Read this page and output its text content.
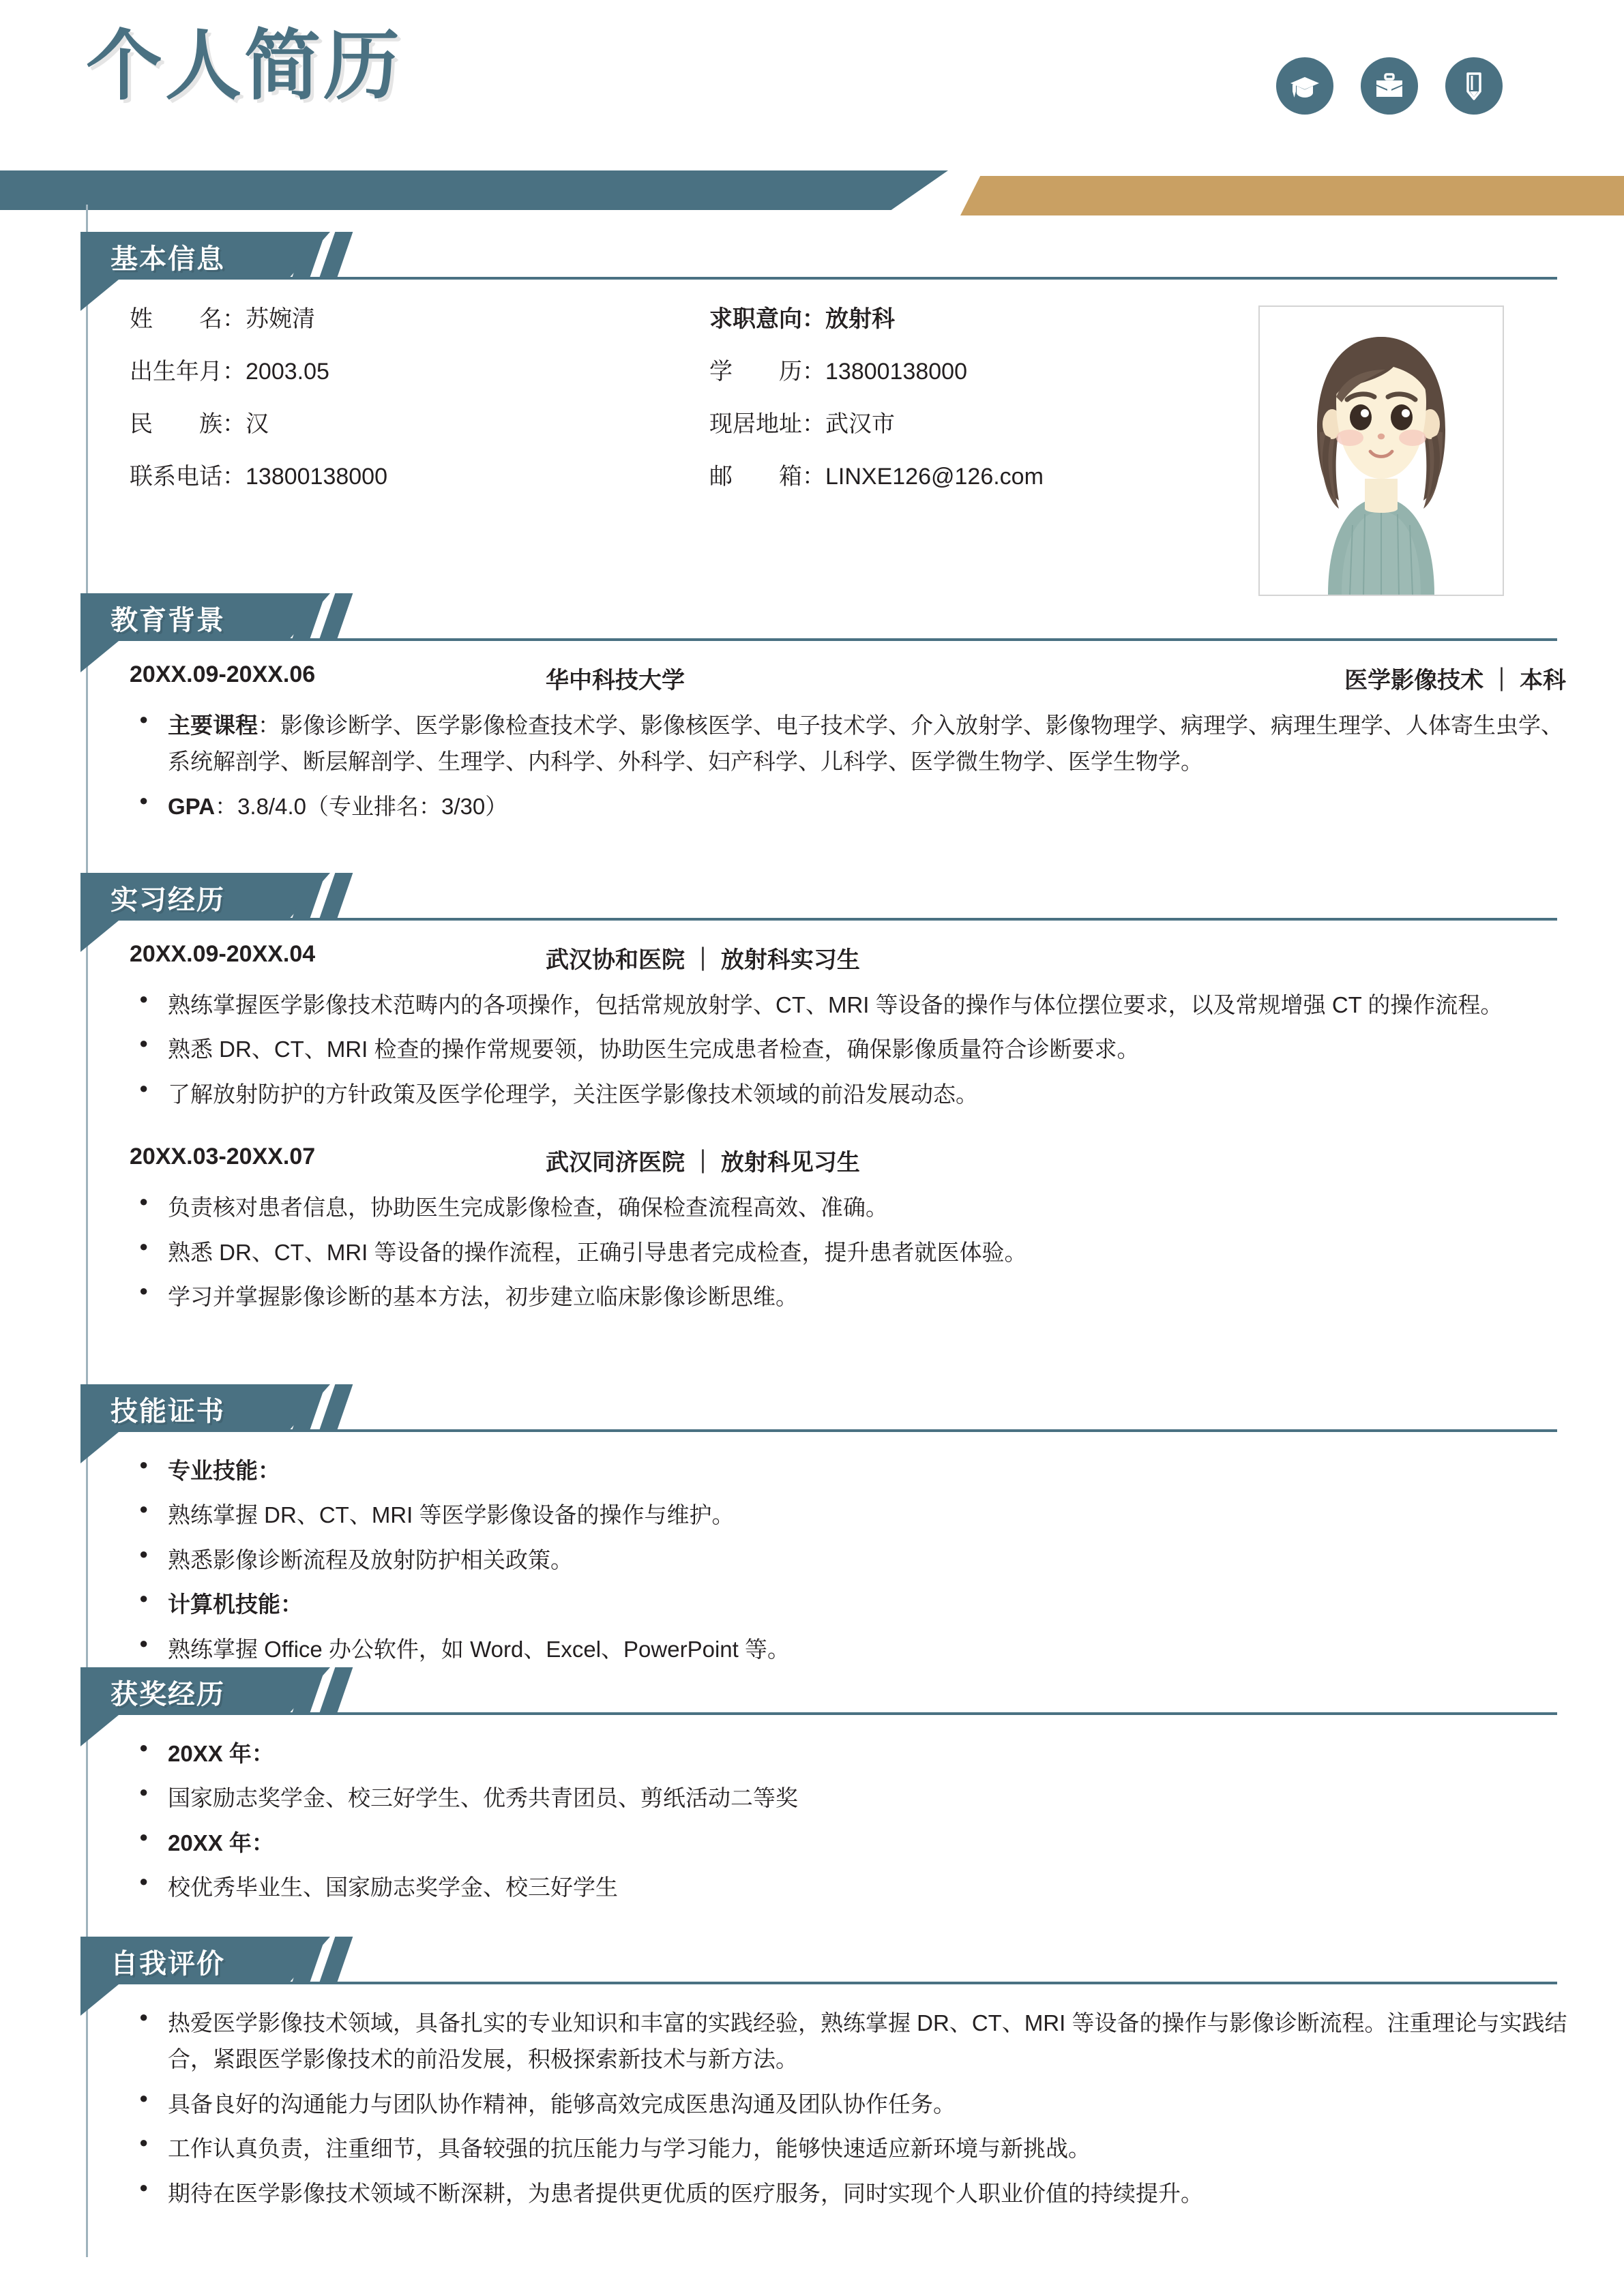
个人简历
基本信息
姓　　名：苏婉清	求职意向：放射科
出生年月：2003.05	学　　历：13800138000
民　　族：汉	现居地址：武汉市
联系电话：13800138000	邮　　箱：LINXE126@126.com
教育背景
20XX.09-20XX.06	华中科技大学	医学影像技术 ｜ 本科
● 主要课程：影像诊断学、医学影像检查技术学、影像核医学、电子技术学、介入放射学、影像物理学、病理学、病理生理学、人体寄生虫学、系统解剖学、断层解剖学、生理学、内科学、外科学、妇产科学、儿科学、医学微生物学、医学生物学。
● GPA：3.8/4.0（专业排名：3/30）
实习经历
20XX.09-20XX.04	武汉协和医院 ｜ 放射科实习生
● 熟练掌握医学影像技术范畴内的各项操作，包括常规放射学、CT、MRI 等设备的操作与体位摆位要求，以及常规增强 CT 的操作流程。
● 熟悉 DR、CT、MRI 检查的操作常规要领，协助医生完成患者检查，确保影像质量符合诊断要求。
● 了解放射防护的方针政策及医学伦理学，关注医学影像技术领域的前沿发展动态。
20XX.03-20XX.07	武汉同济医院 ｜ 放射科见习生
● 负责核对患者信息，协助医生完成影像检查，确保检查流程高效、准确。
● 熟悉 DR、CT、MRI 等设备的操作流程，正确引导患者完成检查，提升患者就医体验。
● 学习并掌握影像诊断的基本方法，初步建立临床影像诊断思维。
技能证书
● 专业技能：
● 熟练掌握 DR、CT、MRI 等医学影像设备的操作与维护。
● 熟悉影像诊断流程及放射防护相关政策。
● 计算机技能：
● 熟练掌握 Office 办公软件，如 Word、Excel、PowerPoint 等。
获奖经历
● 20XX 年：
● 国家励志奖学金、校三好学生、优秀共青团员、剪纸活动二等奖
● 20XX 年：
● 校优秀毕业生、国家励志奖学金、校三好学生
自我评价
● 热爱医学影像技术领域，具备扎实的专业知识和丰富的实践经验，熟练掌握 DR、CT、MRI 等设备的操作与影像诊断流程。注重理论与实践结合，紧跟医学影像技术的前沿发展，积极探索新技术与新方法。
● 具备良好的沟通能力与团队协作精神，能够高效完成医患沟通及团队协作任务。
● 工作认真负责，注重细节，具备较强的抗压能力与学习能力，能够快速适应新环境与新挑战。
● 期待在医学影像技术领域不断深耕，为患者提供更优质的医疗服务，同时实现个人职业价值的持续提升。
